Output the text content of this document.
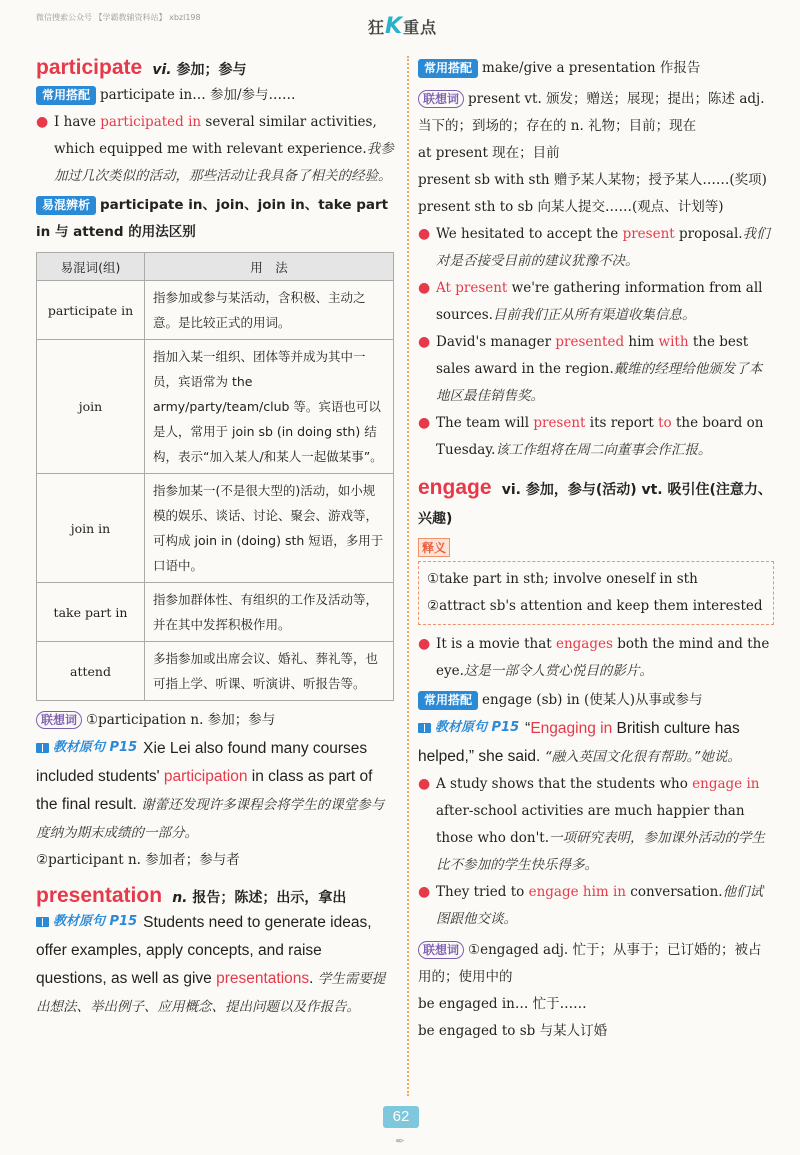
微信搜索公众号 【学霸教辅资料站】 xbzl198
狂K重点
participate vi. 参加；参与
常用搭配 participate in… 参加/参与……
● I have participated in several similar activities, which equipped me with relevant experience.我参加过几次类似的活动，那些活动让我具备了相关的经验。
易混辨析 participate in、join、join in、take part in 与 attend 的用法区别
易混词(组)	用　法
participate in	指参加或参与某活动，含积极、主动之意。是比较正式的用词。
join	指加入某一组织、团体等并成为其中一员，宾语常为 the army/party/team/club 等。宾语也可以是人，常用于 join sb (in doing sth) 结构，表示“加入某人/和某人一起做某事”。
join in	指参加某一(不是很大型的)活动，如小规模的娱乐、谈话、讨论、聚会、游戏等，可构成 join in (doing) sth 短语，多用于口语中。
take part in	指参加群体性、有组织的工作及活动等，并在其中发挥积极作用。
attend	多指参加或出席会议、婚礼、葬礼等，也可指上学、听课、听演讲、听报告等。
联想词 ①participation n. 参加；参与
教材原句 P15 Xie Lei also found many courses included students' participation in class as part of the final result. 谢蕾还发现许多课程会将学生的课堂参与度纳为期末成绩的一部分。
②participant n. 参加者；参与者
presentation n. 报告；陈述；出示，拿出
教材原句 P15 Students need to generate ideas, offer examples, apply concepts, and raise questions, as well as give presentations. 学生需要提出想法、举出例子、应用概念、提出问题以及作报告。
常用搭配 make/give a presentation 作报告
联想词 present vt. 颁发；赠送；展现；提出；陈述 adj. 当下的；到场的；存在的 n. 礼物；目前；现在
at present 现在；目前
present sb with sth 赠予某人某物；授予某人……(奖项)
present sth to sb 向某人提交……(观点、计划等)
● We hesitated to accept the present proposal.我们对是否接受目前的建议犹豫不决。
● At present we're gathering information from all sources.目前我们正从所有渠道收集信息。
● David's manager presented him with the best sales award in the region.戴维的经理给他颁发了本地区最佳销售奖。
● The team will present its report to the board on Tuesday.该工作组将在周二向董事会作汇报。
engage vi. 参加，参与(活动) vt. 吸引住(注意力、兴趣)
释义
①take part in sth; involve oneself in sth
②attract sb's attention and keep them interested
● It is a movie that engages both the mind and the eye.这是一部令人赏心悦目的影片。
常用搭配 engage (sb) in (使某人)从事或参与
教材原句 P15 “Engaging in British culture has helped,” she said. “融入英国文化很有帮助。”她说。
● A study shows that the students who engage in after-school activities are much happier than those who don't.一项研究表明，参加课外活动的学生比不参加的学生快乐得多。
● They tried to engage him in conversation.他们试图跟他交谈。
联想词 ①engaged adj. 忙于；从事于；已订婚的；被占用的；使用中的
be engaged in… 忙于……
be engaged to sb 与某人订婚
62
✒
